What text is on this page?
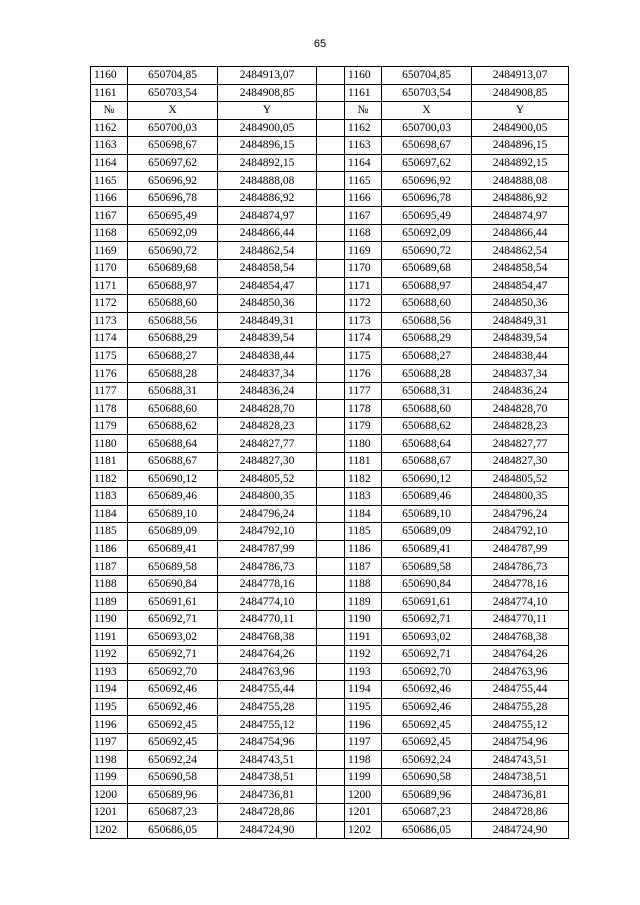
65
1160	650704,85	2484913,07		1160	650704,85	2484913,07
1161	650703,54	2484908,85		1161	650703,54	2484908,85
№	X	Y		№	X	Y
1162	650700,03	2484900,05		1162	650700,03	2484900,05
1163	650698,67	2484896,15		1163	650698,67	2484896,15
1164	650697,62	2484892,15		1164	650697,62	2484892,15
1165	650696,92	2484888,08		1165	650696,92	2484888,08
1166	650696,78	2484886,92		1166	650696,78	2484886,92
1167	650695,49	2484874,97		1167	650695,49	2484874,97
1168	650692,09	2484866,44		1168	650692,09	2484866,44
1169	650690,72	2484862,54		1169	650690,72	2484862,54
1170	650689,68	2484858,54		1170	650689,68	2484858,54
1171	650688,97	2484854,47		1171	650688,97	2484854,47
1172	650688,60	2484850,36		1172	650688,60	2484850,36
1173	650688,56	2484849,31		1173	650688,56	2484849,31
1174	650688,29	2484839,54		1174	650688,29	2484839,54
1175	650688,27	2484838,44		1175	650688,27	2484838,44
1176	650688,28	2484837,34		1176	650688,28	2484837,34
1177	650688,31	2484836,24		1177	650688,31	2484836,24
1178	650688,60	2484828,70		1178	650688,60	2484828,70
1179	650688,62	2484828,23		1179	650688,62	2484828,23
1180	650688,64	2484827,77		1180	650688,64	2484827,77
1181	650688,67	2484827,30		1181	650688,67	2484827,30
1182	650690,12	2484805,52		1182	650690,12	2484805,52
1183	650689,46	2484800,35		1183	650689,46	2484800,35
1184	650689,10	2484796,24		1184	650689,10	2484796,24
1185	650689,09	2484792,10		1185	650689,09	2484792,10
1186	650689,41	2484787,99		1186	650689,41	2484787,99
1187	650689,58	2484786,73		1187	650689,58	2484786,73
1188	650690,84	2484778,16		1188	650690,84	2484778,16
1189	650691,61	2484774,10		1189	650691,61	2484774,10
1190	650692,71	2484770,11		1190	650692,71	2484770,11
1191	650693,02	2484768,38		1191	650693,02	2484768,38
1192	650692,71	2484764,26		1192	650692,71	2484764,26
1193	650692,70	2484763,96		1193	650692,70	2484763,96
1194	650692,46	2484755,44		1194	650692,46	2484755,44
1195	650692,46	2484755,28		1195	650692,46	2484755,28
1196	650692,45	2484755,12		1196	650692,45	2484755,12
1197	650692,45	2484754,96		1197	650692,45	2484754,96
1198	650692,24	2484743,51		1198	650692,24	2484743,51
1199	650690,58	2484738,51		1199	650690,58	2484738,51
1200	650689,96	2484736,81		1200	650689,96	2484736,81
1201	650687,23	2484728,86		1201	650687,23	2484728,86
1202	650686,05	2484724,90		1202	650686,05	2484724,90
